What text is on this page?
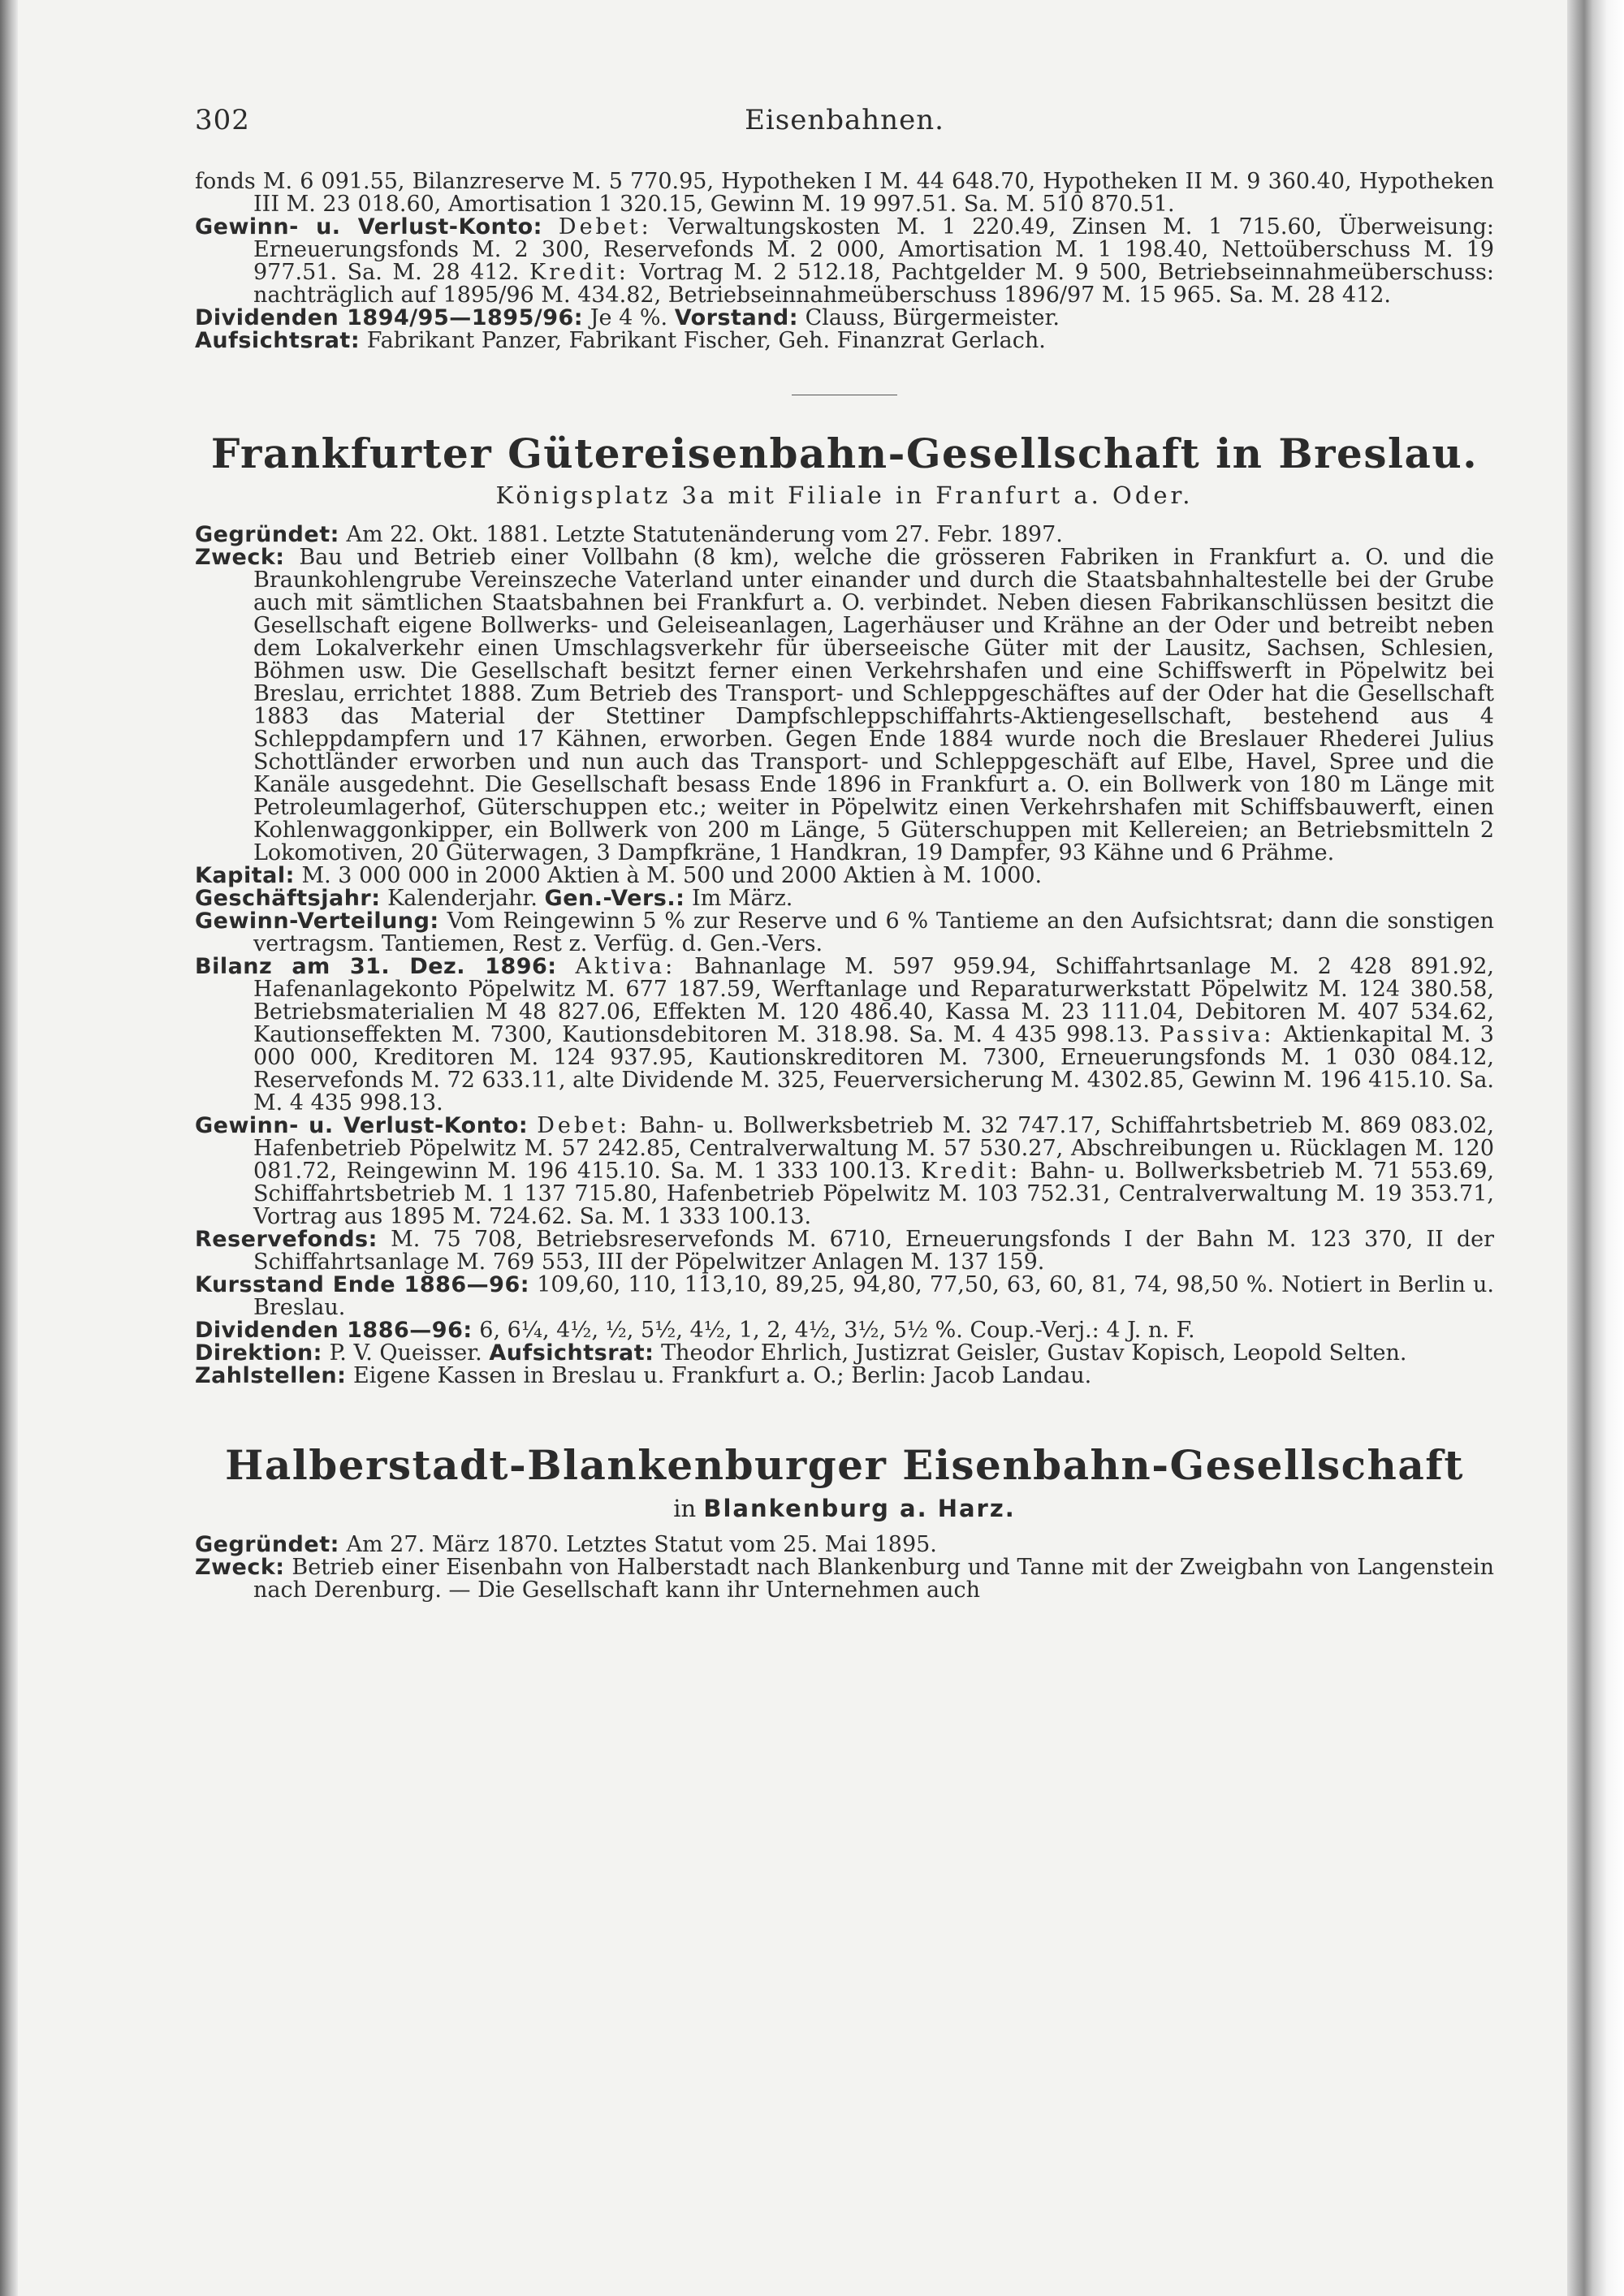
302	Eisenbahnen.

fonds M. 6 091.55, Bilanzreserve M. 5 770.95, Hypotheken I M. 44 648.70, Hypotheken II M. 9 360.40, Hypotheken III M. 23 018.60, Amortisation 1 320.15, Gewinn M. 19 997.51. Sa. M. 510 870.51.

Gewinn- u. Verlust-Konto: Debet: Verwaltungskosten M. 1 220.49, Zinsen M. 1 715.60, Überweisung: Erneuerungsfonds M. 2 300, Reservefonds M. 2 000, Amortisation M. 1 198.40, Nettoüberschuss M. 19 977.51. Sa. M. 28 412. Kredit: Vortrag M. 2 512.18, Pachtgelder M. 9 500, Betriebseinnahmeüberschuss: nachträglich auf 1895/96 M. 434.82, Betriebseinnahmeüberschuss 1896/97 M. 15 965. Sa. M. 28 412.

Dividenden 1894/95—1895/96: Je 4 %. Vorstand: Clauss, Bürgermeister.

Aufsichtsrat: Fabrikant Panzer, Fabrikant Fischer, Geh. Finanzrat Gerlach.

Frankfurter Gütereisenbahn-Gesellschaft in Breslau.
Königsplatz 3a mit Filiale in Franfurt a. Oder.

Gegründet: Am 22. Okt. 1881. Letzte Statutenänderung vom 27. Febr. 1897.

Zweck: Bau und Betrieb einer Vollbahn (8 km), welche die grösseren Fabriken in Frankfurt a. O. und die Braunkohlengrube Vereinszeche Vaterland unter einander und durch die Staatsbahnhaltestelle bei der Grube auch mit sämtlichen Staatsbahnen bei Frankfurt a. O. verbindet. Neben diesen Fabrikanschlüssen besitzt die Gesellschaft eigene Bollwerks- und Geleiseanlagen, Lagerhäuser und Krähne an der Oder und betreibt neben dem Lokalverkehr einen Umschlagsverkehr für überseeische Güter mit der Lausitz, Sachsen, Schlesien, Böhmen usw. Die Gesellschaft besitzt ferner einen Verkehrshafen und eine Schiffswerft in Pöpelwitz bei Breslau, errichtet 1888. Zum Betrieb des Transport- und Schleppgeschäftes auf der Oder hat die Gesellschaft 1883 das Material der Stettiner Dampfschleppschiffahrts-Aktiengesellschaft, bestehend aus 4 Schleppdampfern und 17 Kähnen, erworben. Gegen Ende 1884 wurde noch die Breslauer Rhederei Julius Schottländer erworben und nun auch das Transport- und Schleppgeschäft auf Elbe, Havel, Spree und die Kanäle ausgedehnt. Die Gesellschaft besass Ende 1896 in Frankfurt a. O. ein Bollwerk von 180 m Länge mit Petroleumlagerhof, Güterschuppen etc.; weiter in Pöpelwitz einen Verkehrshafen mit Schiffsbauwerft, einen Kohlenwaggonkipper, ein Bollwerk von 200 m Länge, 5 Güterschuppen mit Kellereien; an Betriebsmitteln 2 Lokomotiven, 20 Güterwagen, 3 Dampfkräne, 1 Handkran, 19 Dampfer, 93 Kähne und 6 Prähme.

Kapital: M. 3 000 000 in 2000 Aktien à M. 500 und 2000 Aktien à M. 1000.

Geschäftsjahr: Kalenderjahr. Gen.-Vers.: Im März.

Gewinn-Verteilung: Vom Reingewinn 5 % zur Reserve und 6 % Tantieme an den Aufsichtsrat; dann die sonstigen vertragsm. Tantiemen, Rest z. Verfüg. d. Gen.-Vers.

Bilanz am 31. Dez. 1896: Aktiva: Bahnanlage M. 597 959.94, Schiffahrtsanlage M. 2 428 891.92, Hafenanlagekonto Pöpelwitz M. 677 187.59, Werftanlage und Reparaturwerkstatt Pöpelwitz M. 124 380.58, Betriebsmaterialien M 48 827.06, Effekten M. 120 486.40, Kassa M. 23 111.04, Debitoren M. 407 534.62, Kautionseffekten M. 7300, Kautionsdebitoren M. 318.98. Sa. M. 4 435 998.13. Passiva: Aktienkapital M. 3 000 000, Kreditoren M. 124 937.95, Kautionskreditoren M. 7300, Erneuerungsfonds M. 1 030 084.12, Reservefonds M. 72 633.11, alte Dividende M. 325, Feuerversicherung M. 4302.85, Gewinn M. 196 415.10. Sa. M. 4 435 998.13.

Gewinn- u. Verlust-Konto: Debet: Bahn- u. Bollwerksbetrieb M. 32 747.17, Schiffahrtsbetrieb M. 869 083.02, Hafenbetrieb Pöpelwitz M. 57 242.85, Centralverwaltung M. 57 530.27, Abschreibungen u. Rücklagen M. 120 081.72, Reingewinn M. 196 415.10. Sa. M. 1 333 100.13. Kredit: Bahn- u. Bollwerksbetrieb M. 71 553.69, Schiffahrtsbetrieb M. 1 137 715.80, Hafenbetrieb Pöpelwitz M. 103 752.31, Centralverwaltung M. 19 353.71, Vortrag aus 1895 M. 724.62. Sa. M. 1 333 100.13.

Reservefonds: M. 75 708, Betriebsreservefonds M. 6710, Erneuerungsfonds I der Bahn M. 123 370, II der Schiffahrtsanlage M. 769 553, III der Pöpelwitzer Anlagen M. 137 159.

Kursstand Ende 1886—96: 109,60, 110, 113,10, 89,25, 94,80, 77,50, 63, 60, 81, 74, 98,50 %. Notiert in Berlin u. Breslau.

Dividenden 1886—96: 6, 6¼, 4½, ½, 5½, 4½, 1, 2, 4½, 3½, 5½ %. Coup.-Verj.: 4 J. n. F.

Direktion: P. V. Queisser. Aufsichtsrat: Theodor Ehrlich, Justizrat Geisler, Gustav Kopisch, Leopold Selten.

Zahlstellen: Eigene Kassen in Breslau u. Frankfurt a. O.; Berlin: Jacob Landau.

Halberstadt-Blankenburger Eisenbahn-Gesellschaft
in Blankenburg a. Harz.

Gegründet: Am 27. März 1870. Letztes Statut vom 25. Mai 1895.

Zweck: Betrieb einer Eisenbahn von Halberstadt nach Blankenburg und Tanne mit der Zweigbahn von Langenstein nach Derenburg. — Die Gesellschaft kann ihr Unternehmen auch
